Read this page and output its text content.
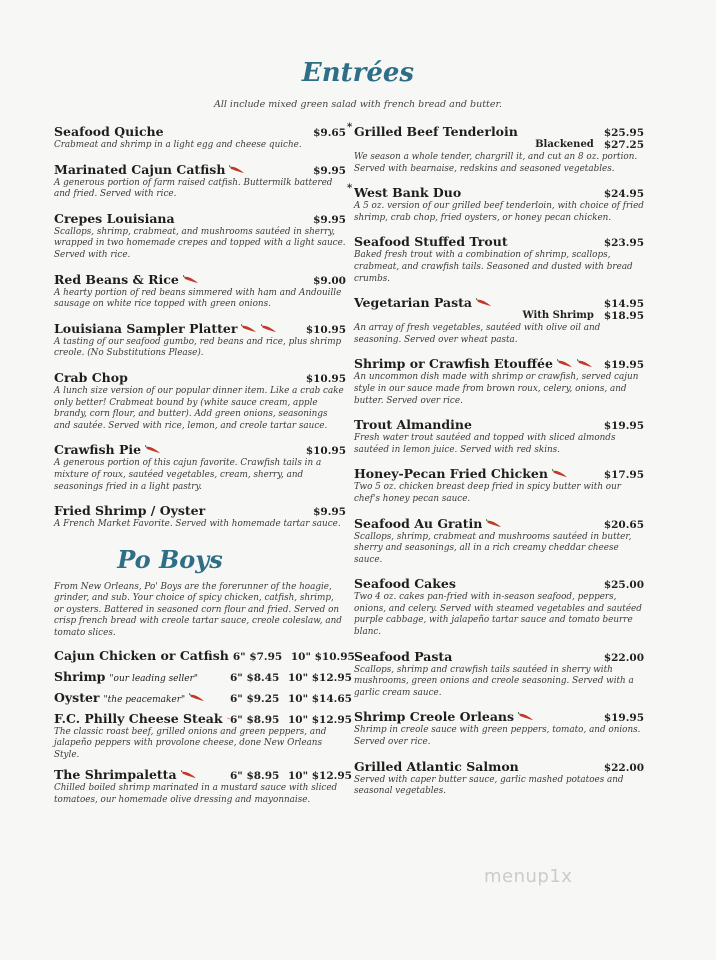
Entrées
All include mixed green salad with french bread and butter.
Seafood Quiche	$9.65
Crabmeat and shrimp in a light egg and cheese quiche.
Marinated Cajun Catfish	$9.95
A generous portion of farm raised catfish. Buttermilk battered and fried. Served with rice.
Crepes Louisiana	$9.95
Scallops, shrimp, crabmeat, and mushrooms sautéed in sherry, wrapped in two homemade crepes and topped with a light sauce. Served with rice.
Red Beans & Rice	$9.00
A hearty portion of red beans simmered with ham and Andouille sausage on white rice topped with green onions.
Louisiana Sampler Platter	$10.95
A tasting of our seafood gumbo, red beans and rice, plus shrimp creole. (No Substitutions Please).
Crab Chop	$10.95
A lunch size version of our popular dinner item. Like a crab cake only better! Crabmeat bound by (white sauce cream, apple brandy, corn flour, and butter). Add green onions, seasonings and sautée. Served with rice, lemon, and creole tartar sauce.
Crawfish Pie	$10.95
A generous portion of this cajun favorite. Crawfish tails in a mixture of roux, sautéed vegetables, cream, sherry, and seasonings fried in a light pastry.
Fried Shrimp / Oyster	$9.95
A French Market Favorite. Served with homemade tartar sauce.
Po Boys
From New Orleans, Po' Boys are the forerunner of the hoagie, grinder, and sub. Your choice of spicy chicken, catfish, shrimp, or oysters. Battered in seasoned corn flour and fried. Served on crisp french bread with creole tartar sauce, creole coleslaw, and tomato slices.
Cajun Chicken or Catfish 6" $7.95 10" $10.95
Shrimp "our leading seller"	6" $8.45 10" $12.95
Oyster "the peacemaker"	6" $9.25 10" $14.65
F.C. Philly Cheese Steak 6" $8.95 10" $12.95
The classic roast beef, grilled onions and green peppers, and jalapeño peppers with provolone cheese, done New Orleans Style.
The Shrimpaletta	6" $8.95 10" $12.95
Chilled boiled shrimp marinated in a mustard sauce with sliced tomatoes, our homemade olive dressing and mayonnaise.
* Grilled Beef Tenderloin	$25.95
Blackened $27.25
We season a whole tender, chargrill it, and cut an 8 oz. portion. Served with bearnaise, redskins and seasoned vegetables.
* West Bank Duo	$24.95
A 5 oz. version of our grilled beef tenderloin, with choice of fried shrimp, crab chop, fried oysters, or honey pecan chicken.
Seafood Stuffed Trout	$23.95
Baked fresh trout with a combination of shrimp, scallops, crabmeat, and crawfish tails. Seasoned and dusted with bread crumbs.
Vegetarian Pasta	$14.95
With Shrimp $18.95
An array of fresh vegetables, sautéed with olive oil and seasoning. Served over wheat pasta.
Shrimp or Crawfish Etouffée	$19.95
An uncommon dish made with shrimp or crawfish, served cajun style in our sauce made from brown roux, celery, onions, and butter. Served over rice.
Trout Almandine	$19.95
Fresh water trout sautéed and topped with sliced almonds sautéed in lemon juice. Served with red skins.
Honey-Pecan Fried Chicken	$17.95
Two 5 oz. chicken breast deep fried in spicy butter with our chef's honey pecan sauce.
Seafood Au Gratin	$20.65
Scallops, shrimp, crabmeat and mushrooms sautéed in butter, sherry and seasonings, all in a rich creamy cheddar cheese sauce.
Seafood Cakes	$25.00
Two 4 oz. cakes pan-fried with in-season seafood, peppers, onions, and celery. Served with steamed vegetables and sautéed purple cabbage, with jalapeño tartar sauce and tomato beurre blanc.
Seafood Pasta	$22.00
Scallops, shrimp and crawfish tails sautéed in sherry with mushrooms, green onions and creole seasoning. Served with a garlic cream sauce.
Shrimp Creole Orleans	$19.95
Shrimp in creole sauce with green peppers, tomato, and onions. Served over rice.
Grilled Atlantic Salmon	$22.00
Served with caper butter sauce, garlic mashed potatoes and seasonal vegetables.
menup1x
